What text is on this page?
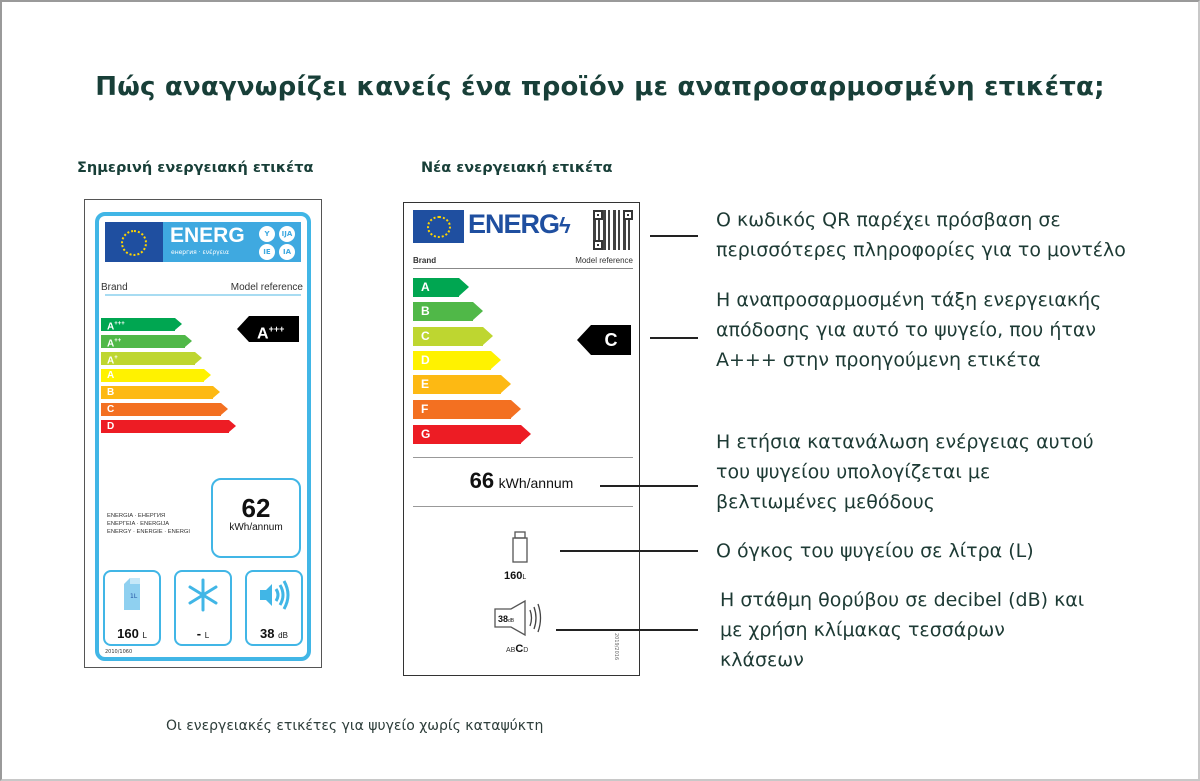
Πώς αναγνωρίζει κανείς ένα προϊόν με αναπροσαρμοσμένη ετικέτα;
Σημερινή ενεργειακή ετικέτα	Νέα ενεργειακή ετικέτα
ENERG
енергия · ενέργεια
Y	IJA
IE	IA
Brand	Model reference
A+++
A++
A+
A
B
C
D
A+++
ENERGIA · ЕНЕРГИЯ
ΕΝΕΡΓΕΙΑ · ENERGIJA
ENERGY · ENERGIE · ENERGI
62
kWh/annum
1L
160 L	- L	38 dB
2010/1060
ENERGϟ
Brand	Model reference
A
B
C
D
E
F
G
C
66 kWh/annum
160L
38dB
ABCD	2019/2016
Ο κωδικός QR παρέχει πρόσβαση σε
περισσότερες πληροφορίες για το μοντέλο
Η αναπροσαρμοσμένη τάξη ενεργειακής
απόδοσης για αυτό το ψυγείο, που ήταν
A+++ στην προηγούμενη ετικέτα
Η ετήσια κατανάλωση ενέργειας αυτού
του ψυγείου υπολογίζεται με
βελτιωμένες μεθόδους
Ο όγκος του ψυγείου σε λίτρα (L)
Η στάθμη θορύβου σε decibel (dB) και
με χρήση κλίμακας τεσσάρων
κλάσεων
Οι ενεργειακές ετικέτες για ψυγείο χωρίς καταψύκτη
